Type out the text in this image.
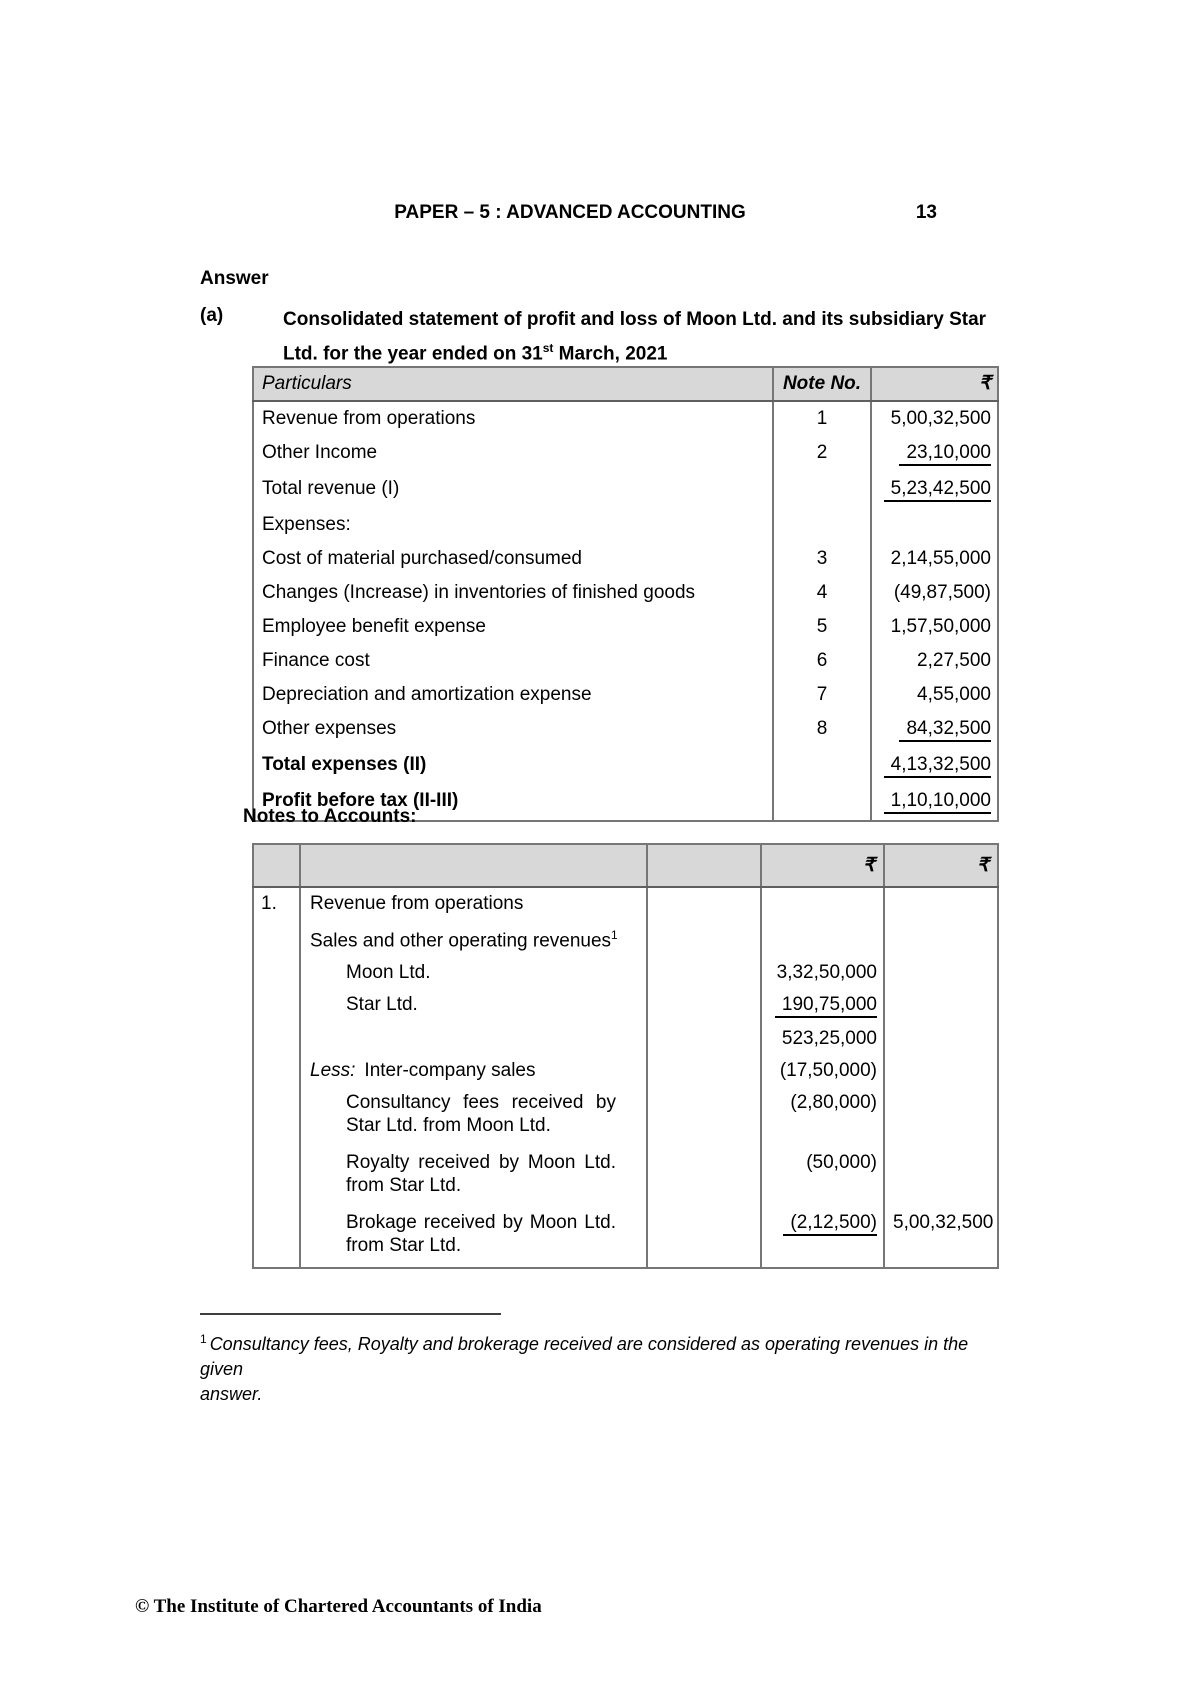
PAPER – 5 : ADVANCED ACCOUNTING	13
Answer
(a)	Consolidated statement of profit and loss of Moon Ltd. and its subsidiary Star
Ltd. for the year ended on 31st March, 2021
Particulars	Note No.	₹
Revenue from operations	1	5,00,32,500
Other Income	2	23,10,000
Total revenue (I)		5,23,42,500
Expenses:		
Cost of material purchased/consumed	3	2,14,55,000
Changes (Increase) in inventories of finished goods	4	(49,87,500)
Employee benefit expense	5	1,57,50,000
Finance cost	6	2,27,500
Depreciation and amortization expense	7	4,55,000
Other expenses	8	84,32,500
Total expenses (II)		4,13,32,500
Profit before tax (II-III)		1,10,10,000
Notes to Accounts:
			₹	₹
1.	Revenue from operations			
	Sales and other operating revenues$^1$			
	Moon Ltd.		3,32,50,000	
	Star Ltd.		190,75,000	
			523,25,000	
	Less: Inter-company sales		(17,50,000)	
	Consultancy fees received by Star Ltd. from Moon Ltd.		(2,80,000)	
	Royalty received by Moon Ltd. from Star Ltd.		(50,000)	
	Brokage received by Moon Ltd. from Star Ltd.		(2,12,500)	5,00,32,500
$^1$ Consultancy fees, Royalty and brokerage received are considered as operating revenues in the given
answer.
© The Institute of Chartered Accountants of India
